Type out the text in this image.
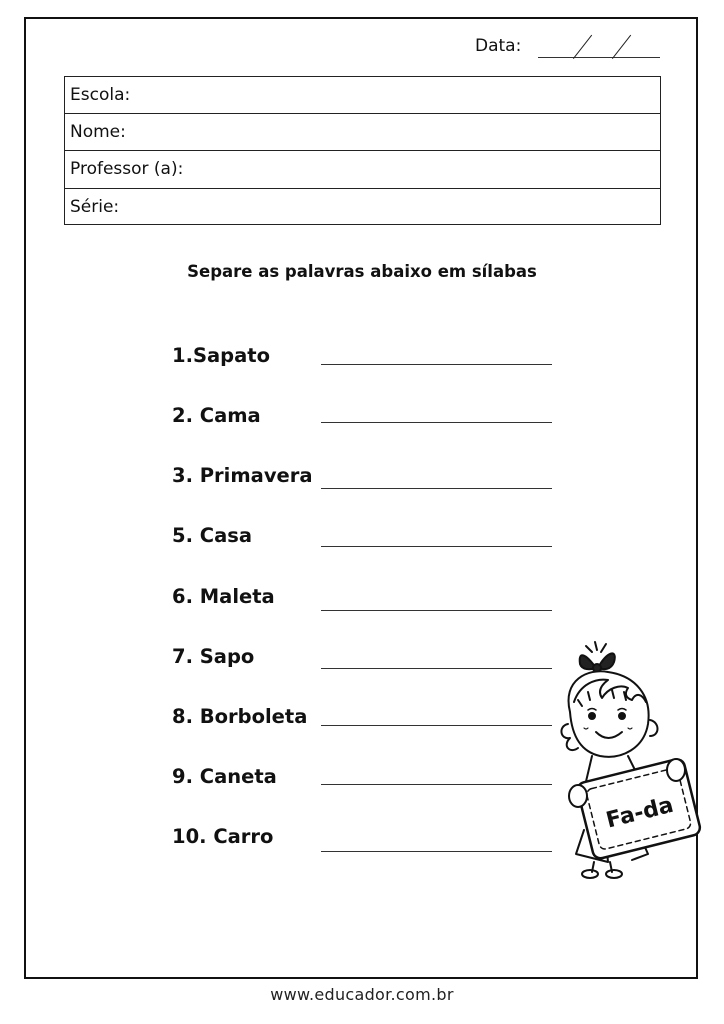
Data:
Escola:
Nome:
Professor (a):
Série:
Separe as palavras abaixo em sílabas
1.Sapato
2. Cama
3. Primavera
5. Casa
6. Maleta
7. Sapo
8. Borboleta
9. Caneta
10. Carro
Fa-da
www.educador.com.br
